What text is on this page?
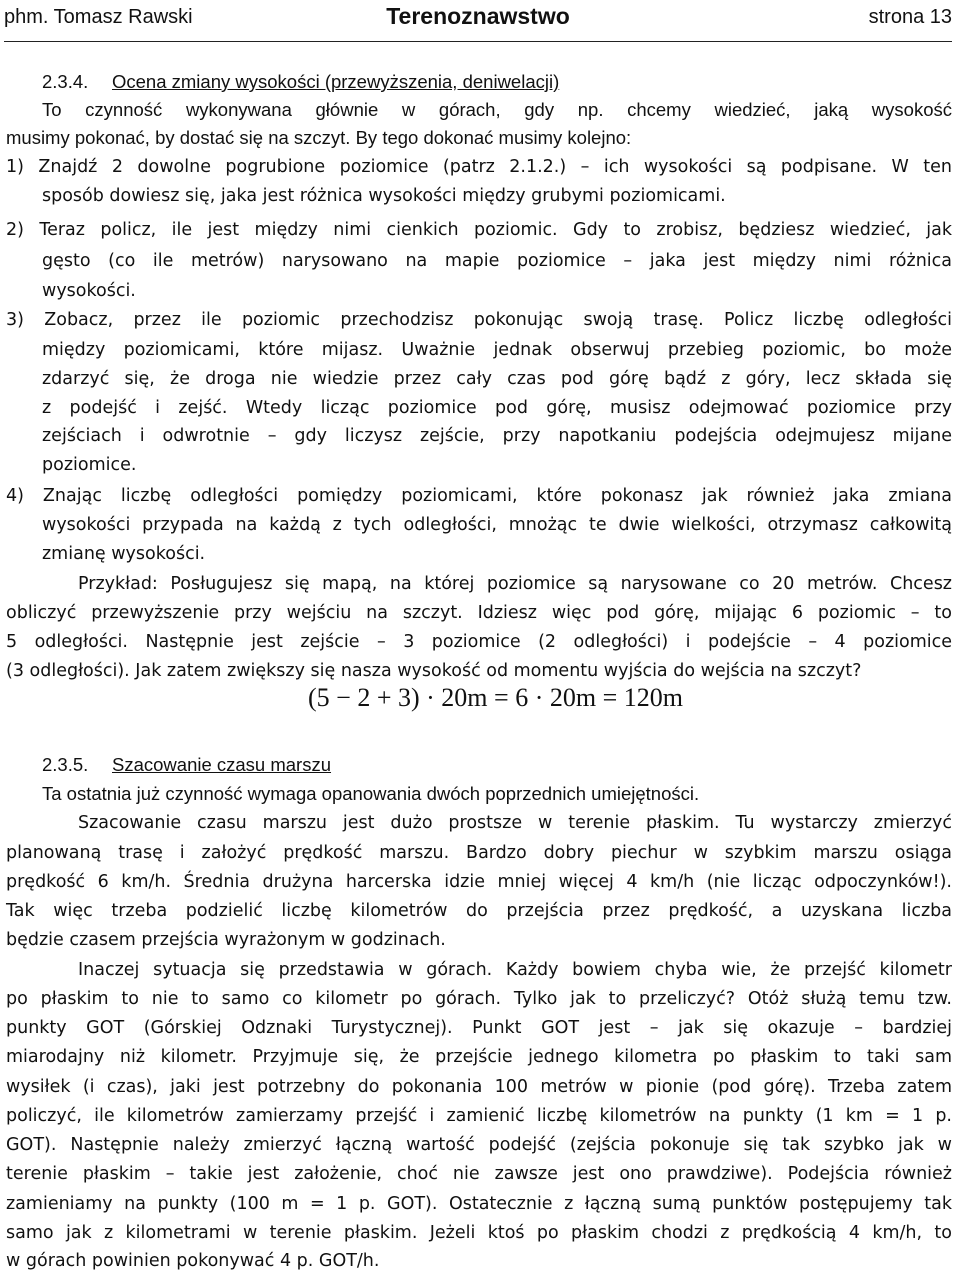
phm. Tomasz Rawski	Terenoznawstwo	strona 13
2.3.4. Ocena zmiany wysokości (przewyższenia, deniwelacji)
To czynność wykonywana głównie w górach, gdy np. chcemy wiedzieć, jaką wysokość
musimy pokonać, by dostać się na szczyt. By tego dokonać musimy kolejno:
1) Znajdź 2 dowolne pogrubione poziomice (patrz 2.1.2.) – ich wysokości są podpisane. W ten
sposób dowiesz się, jaka jest różnica wysokości między grubymi poziomicami.
2) Teraz policz, ile jest między nimi cienkich poziomic. Gdy to zrobisz, będziesz wiedzieć, jak
gęsto (co ile metrów) narysowano na mapie poziomice – jaka jest między nimi różnica
wysokości.
3) Zobacz, przez ile poziomic przechodzisz pokonując swoją trasę. Policz liczbę odległości
między poziomicami, które mijasz. Uważnie jednak obserwuj przebieg poziomic, bo może
zdarzyć się, że droga nie wiedzie przez cały czas pod górę bądź z góry, lecz składa się
z podejść i zejść. Wtedy licząc poziomice pod górę, musisz odejmować poziomice przy
zejściach i odwrotnie – gdy liczysz zejście, przy napotkaniu podejścia odejmujesz mijane
poziomice.
4) Znając liczbę odległości pomiędzy poziomicami, które pokonasz jak również jaka zmiana
wysokości przypada na każdą z tych odległości, mnożąc te dwie wielkości, otrzymasz całkowitą
zmianę wysokości.
Przykład: Posługujesz się mapą, na której poziomice są narysowane co 20 metrów. Chcesz
obliczyć przewyższenie przy wejściu na szczyt. Idziesz więc pod górę, mijając 6 poziomic – to
5 odległości. Następnie jest zejście – 3 poziomice (2 odległości) i podejście – 4 poziomice
(3 odległości). Jak zatem zwiększy się nasza wysokość od momentu wyjścia do wejścia na szczyt?
(5 − 2 + 3) · 20m = 6 · 20m = 120m
2.3.5. Szacowanie czasu marszu
Ta ostatnia już czynność wymaga opanowania dwóch poprzednich umiejętności.
Szacowanie czasu marszu jest dużo prostsze w terenie płaskim. Tu wystarczy zmierzyć
planowaną trasę i założyć prędkość marszu. Bardzo dobry piechur w szybkim marszu osiąga
prędkość 6 km/h. Średnia drużyna harcerska idzie mniej więcej 4 km/h (nie licząc odpoczynków!).
Tak więc trzeba podzielić liczbę kilometrów do przejścia przez prędkość, a uzyskana liczba
będzie czasem przejścia wyrażonym w godzinach.
Inaczej sytuacja się przedstawia w górach. Każdy bowiem chyba wie, że przejść kilometr
po płaskim to nie to samo co kilometr po górach. Tylko jak to przeliczyć? Otóż służą temu tzw.
punkty GOT (Górskiej Odznaki Turystycznej). Punkt GOT jest – jak się okazuje – bardziej
miarodajny niż kilometr. Przyjmuje się, że przejście jednego kilometra po płaskim to taki sam
wysiłek (i czas), jaki jest potrzebny do pokonania 100 metrów w pionie (pod górę). Trzeba zatem
policzyć, ile kilometrów zamierzamy przejść i zamienić liczbę kilometrów na punkty (1 km = 1 p.
GOT). Następnie należy zmierzyć łączną wartość podejść (zejścia pokonuje się tak szybko jak w
terenie płaskim – takie jest założenie, choć nie zawsze jest ono prawdziwe). Podejścia również
zamieniamy na punkty (100 m = 1 p. GOT). Ostatecznie z łączną sumą punktów postępujemy tak
samo jak z kilometrami w terenie płaskim. Jeżeli ktoś po płaskim chodzi z prędkością 4 km/h, to
w górach powinien pokonywać 4 p. GOT/h.
